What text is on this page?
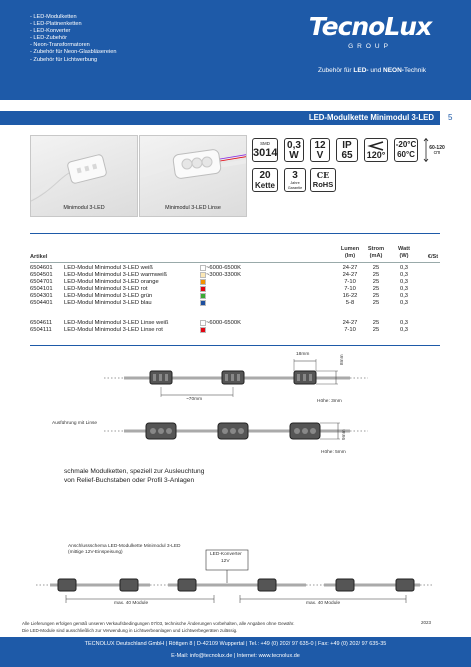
- LED-Modulketten
- LED-Platinenketten
- LED-Konverter
- LED-Zubehör
- Neon-Transformatoren
- Zubehör für Neon-Glasbläsereien
- Zubehör für Lichtwerbung
TecnoLux
GROUP
Zubehör für LED- und NEON-Technik
LED-Modulkette Minimodul 3-LED 5
Minimodul 3-LED	Minimodul 3-LED Linse
SMD
3014
0,3
W
12
V
IP
65	120°
-20°C
60°C
60-120
cm
20
Kette
3
Jahre Garantie
CE
RoHS
Artikel
Lumen
(lm)
Strom
(mA)
Watt
(W)	€/St
6504601 LED-Modul Minimodul 3-LED weiß	~6000-6500K	24-27	25	0,3
6504501 LED-Modul Minimodul 3-LED warmweiß	~3000-3300K	24-27	25	0,3
6504701 LED-Modul Minimodul 3-LED orange	7-10	25	0,3
6504101 LED-Modul Minimodul 3-LED rot	7-10	25	0,3
6504301 LED-Modul Minimodul 3-LED grün	16-22	25	0,3
6504401 LED-Modul Minimodul 3-LED blau	5-8	25	0,3
6504611 LED-Modul Minimodul 3-LED Linse weiß	~6000-6500K	24-27	25	0,3
6504111 LED-Modul Minimodul 3-LED Linse rot	7-10	25	0,3
18mm	8mm
~70mm	Höhe: 3mm
Ausführung mit Linse
9mm
Höhe: 5mm
schmale Modulketten, speziell zur Ausleuchtung
von Relief-Buchstaben oder Profil 3-Anlagen
Anschlussschema LED-Modulkette Minimodul 3-LED
(mittige 12V-Einspeisung)	LED-Konverter
12V
max. 40 Module	max. 40 Module
Alle Lieferungen erfolgen gemäß unseren Verkaufsbedingungen 07/03, technische Änderungen vorbehalten, alle Angaben ohne Gewähr.
Die LED-Module sind ausschließlich zur Verwendung in Lichtwerbeanlagen und Lichtwerbegeräten zulässig.
2023
TECNOLUX Deutschland GmbH | Röttgen 8 | D-42109 Wuppertal | Tel.: +49 (0) 202/ 97 635-0 | Fax: +49 (0) 202/ 97 635-35
E-Mail: info@tecnolux.de | Internet: www.tecnolux.de
